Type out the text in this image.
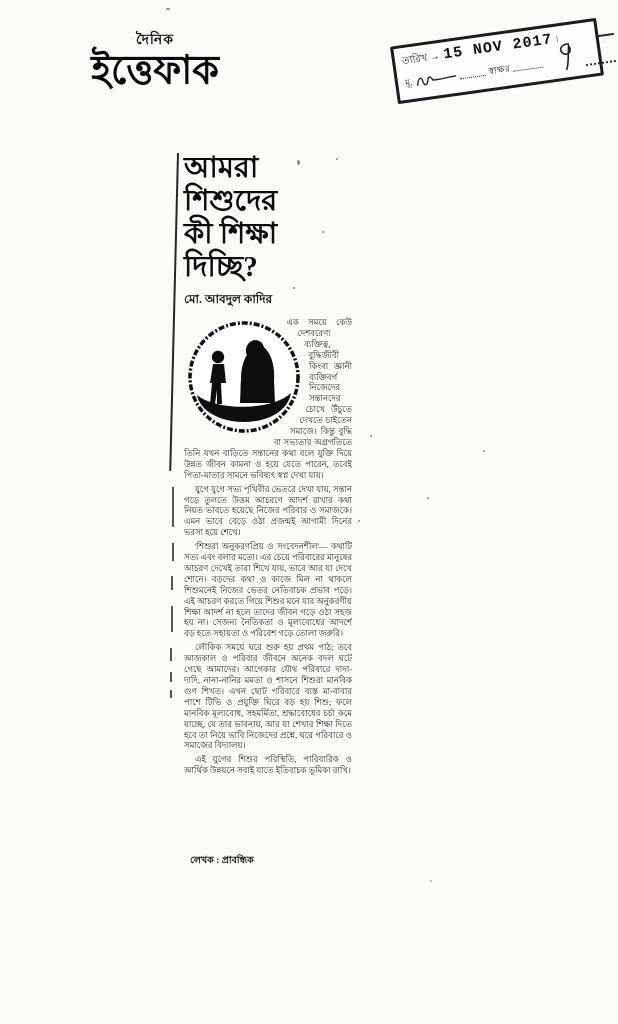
দৈনিক
ইত্তেফাক	তারিখ → 15 NOV 2017 ৷
মূ.
স্বাক্ষর
আমরা
শিশুদের
কী শিক্ষা
দিচ্ছি?
মো. আবদুল কাদির

এক সময়ে কেউ দেশবরেণ্য ব্যক্তিত্ব, বুদ্ধিজীবী কিংবা জ্ঞানী ব্যক্তিবর্গ নিজেদের সন্তানদের চোখে উঁচুতে দেখতে চাইতেন সমাজে। কিন্তু বুদ্ধি বা সভ্যতার অগ্রগতিতে তিনি যখন বাড়িতে সন্তানের কথা বলে যুক্তি দিয়ে উন্নত জীবন কামনা ও হয়ে যেতে পারেন, তবেই পিতা-মাতার সামনে ভবিষ্যৎ স্বপ্ন দেখা যায়।

যুগে যুগে সভ্য পৃথিবীর ভেতরে দেখা যায়, সন্তান গড়ে তুলতে উত্তম আচরণে আদর্শ রাখার কথা নিয়ত ভাবতে হয়েছে নিজের পরিবার ও সমাজকে। এমন ভাবে বেড়ে ওঠা প্রজন্মই আগামী দিনের ভরসা হয়ে শেখে।

'শিশুরা অনুকরণপ্রিয় ও সংবেদনশীল'— কথাটি সত্য এবং বলার মতো। এর চেয়ে পরিবারের মানুষের আচরণ দেখেই তারা শিখে যায়, ভাবে আর যা দেখে শোনে। বড়দের কথা ও কাজে মিল না থাকলে শিশুমনেই নিজের ভেতর নেতিবাচক প্রভাব পড়ে। এই আচরণ করতে গিয়ে শিশুর মনে যার অনুকরণীয় শিক্ষা আদর্শ না হলে তাদের জীবন গড়ে ওঠা সহজ হয় না। সেজন্য নৈতিকতা ও মূল্যবোধের আদর্শে বড় হতে সহায়তা ও পরিবেশ গড়ে তোলা জরুরি।

লৌকিক সময়ে ঘরে শুরু হয় প্রথম পাঠ; তবে আজকাল ও পরিবার জীবনে অনেক বদল ঘটে গেছে আমাদের। আগেকার যৌথ পরিবারে দাদা-দাদি, নানা-নানির মমতা ও শাসনে শিশুরা মানবিক গুণ শিখত। এখন ছোট পরিবারে ব্যস্ত মা-বাবার পাশে টিভি ও প্রযুক্তি ঘিরে বড় হয় শিশু; ফলে মানবিক মূল্যবোধ, সহমর্মিতা, শ্রদ্ধাবোধের চর্চা কমে যাচ্ছে, যে তার ভাবনায়, আর যা শেখার শিক্ষা দিতে হবে তা নিয়ে ভাবি নিজেদের প্রশ্নে, ঘরে পরিবারে ও সমাজের বিদ্যালয়।

এই যুগের শিশুর পরিস্থিতি, পারিবারিক ও আর্থিক উন্নয়নে সবাই যাতে ইতিবাচক ভূমিকা রাখি।

লেখক : প্রাবন্ধিক
